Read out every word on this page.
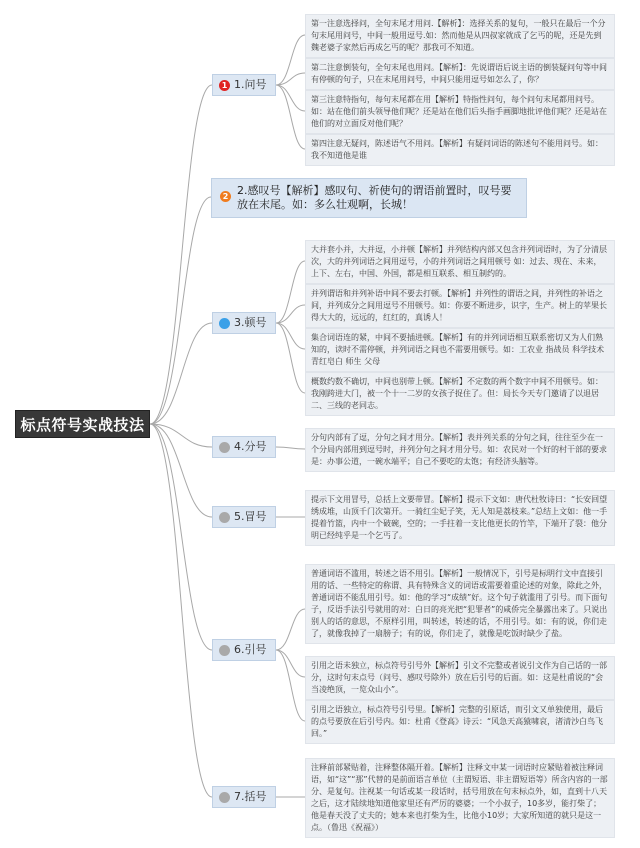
标点符号实战技法
1 1.问号
第一注意选择问，全句末尾才用问.【解析】：选择关系的复句，一般只在最后一个分句末尾用问号，中间一般用逗号.如：然而他是从四叔家就成了乞丐的呢，还是先到魏老婆子家然后再成乞丐的呢？那我可不知道。
第二注意倒装句，全句末尾也用问。【解析】：先说谓语后说主语的倒装疑问句等中间有停顿的句子，只在末尾用问号，中间只能用逗号如怎么了，你？
第三注意特指句，每句末尾都在用【解析】特指性问句，每个问句末尾都用问号。如：站在他们前头领导他们呢？还是站在他们后头指手画脚地批评他们呢？还是站在他们的对立面反对他们呢？
第四注意无疑问，陈述语气不用问。【解析】有疑问词语的陈述句不能用问号。如：我不知道他是谁
2 2.感叹号【解析】感叹句、祈使句的谓语前置时，叹号要放在末尾。如：多么壮观啊，长城！
3.顿号
大并套小并，大并逗，小并顿【解析】并列结构内部又包含并列词语时，为了分清层次，大的并列词语之间用逗号，小的并列词语之间用顿号 如：过去、现在、未来，上下、左右，中国、外国，都是相互联系、相互制约的。
并列谓语和并列补语中间不要去打顿。【解析】并列性的谓语之间，并列性的补语之间，并列成分之间用逗号不用顿号。如：你要不断进步，识字，生产。树上的苹果长得大大的，远远的，红红的，真诱人！
集合词语连的紧，中间不要插进顿。【解析】有的并列词语相互联系密切又为人们熟知的，读时不需停顿，并列词语之间也不需要用顿号。如：工农业 指战员 科学技术 青红皂白 师生 父母
概数约数不确切，中间也别带上顿。【解析】不定数的两个数字中间不用顿号。如：我刚跨进大门，被一个十一二岁的女孩子捉住了。但：局长今天专门邀请了以退居二、三线的老同志。
4.分号
分句内部有了逗，分句之间才用分。【解析】表并列关系的分句之间，往往至少在一个分局内部用到逗号时，并列分句之间才用分号。如：农民对一个好的村干部的要求是：办事公道，一碗水端平；自己不要吃的太饱；有经济头脑等。
5.冒号
提示下文用冒号，总括上文要带冒。【解析】提示下文如：唐代杜牧诗曰：“长安回望绣成堆，山顶千门次第开。一骑红尘妃子笑，无人知是荔枝来。”总结上文如：他一手提着竹篮，内中一个破碗，空的；一手拄着一支比他更长的竹竿，下端开了裂：他分明已经纯乎是一个乞丐了。
6.引号
普通词语不滥用，转述之语不用引。【解析】一般情况下，引号是标明行文中直接引用的话、一些特定的称谓、具有特殊含义的词语或需要着重论述的对象，除此之外，普通词语不能乱用引号。如：他的学习“成绩”好。这个句子就滥用了引号。而下面句子，反语手法引号就用的对：白日的亮光把“犯罪者”的咸侨完全暴露出来了。只说出别人的话的意思，不原样引用，叫转述，转述的话，不用引号。如：有的说，你们走了，就像我掉了一扇膀子；有的说，你们走了，就像是吃饭时缺少了盐。
引用之语未独立，标点符号引号外【解析】引文不完整或者说引文作为自己话的一部分，这时句末点号（问号、感叹号除外）放在后引号的后面。如：这是杜甫说的“会当凌绝顶，一览众山小”。
引用之语独立，标点符号引号里。【解析】完整的引原话，而引文又单独使用，最后的点号要放在后引号内。如：杜甫《登高》诗云：“风急天高猿啸哀，渚清沙白鸟飞回。”
7.括号
注释前部紧贴着，注释整体隔开着。【解析】注释文中某一词语时应紧贴着被注释词语，如“这”“那”代替的是前面语言单位（主谓短语、非主谓短语等）所含内容的一部分、是复句。注视某一句话或某一段话时，括号用放在句末标点外，如，直到十八天之后，这才陆续地知道他家里还有严厉的婆婆；一个小叔子，10多岁，能打柴了；他是春天没了丈夫的；她本来也打柴为生，比他小10岁；大家所知道的就只是这一点。（鲁迅《祝福》）
